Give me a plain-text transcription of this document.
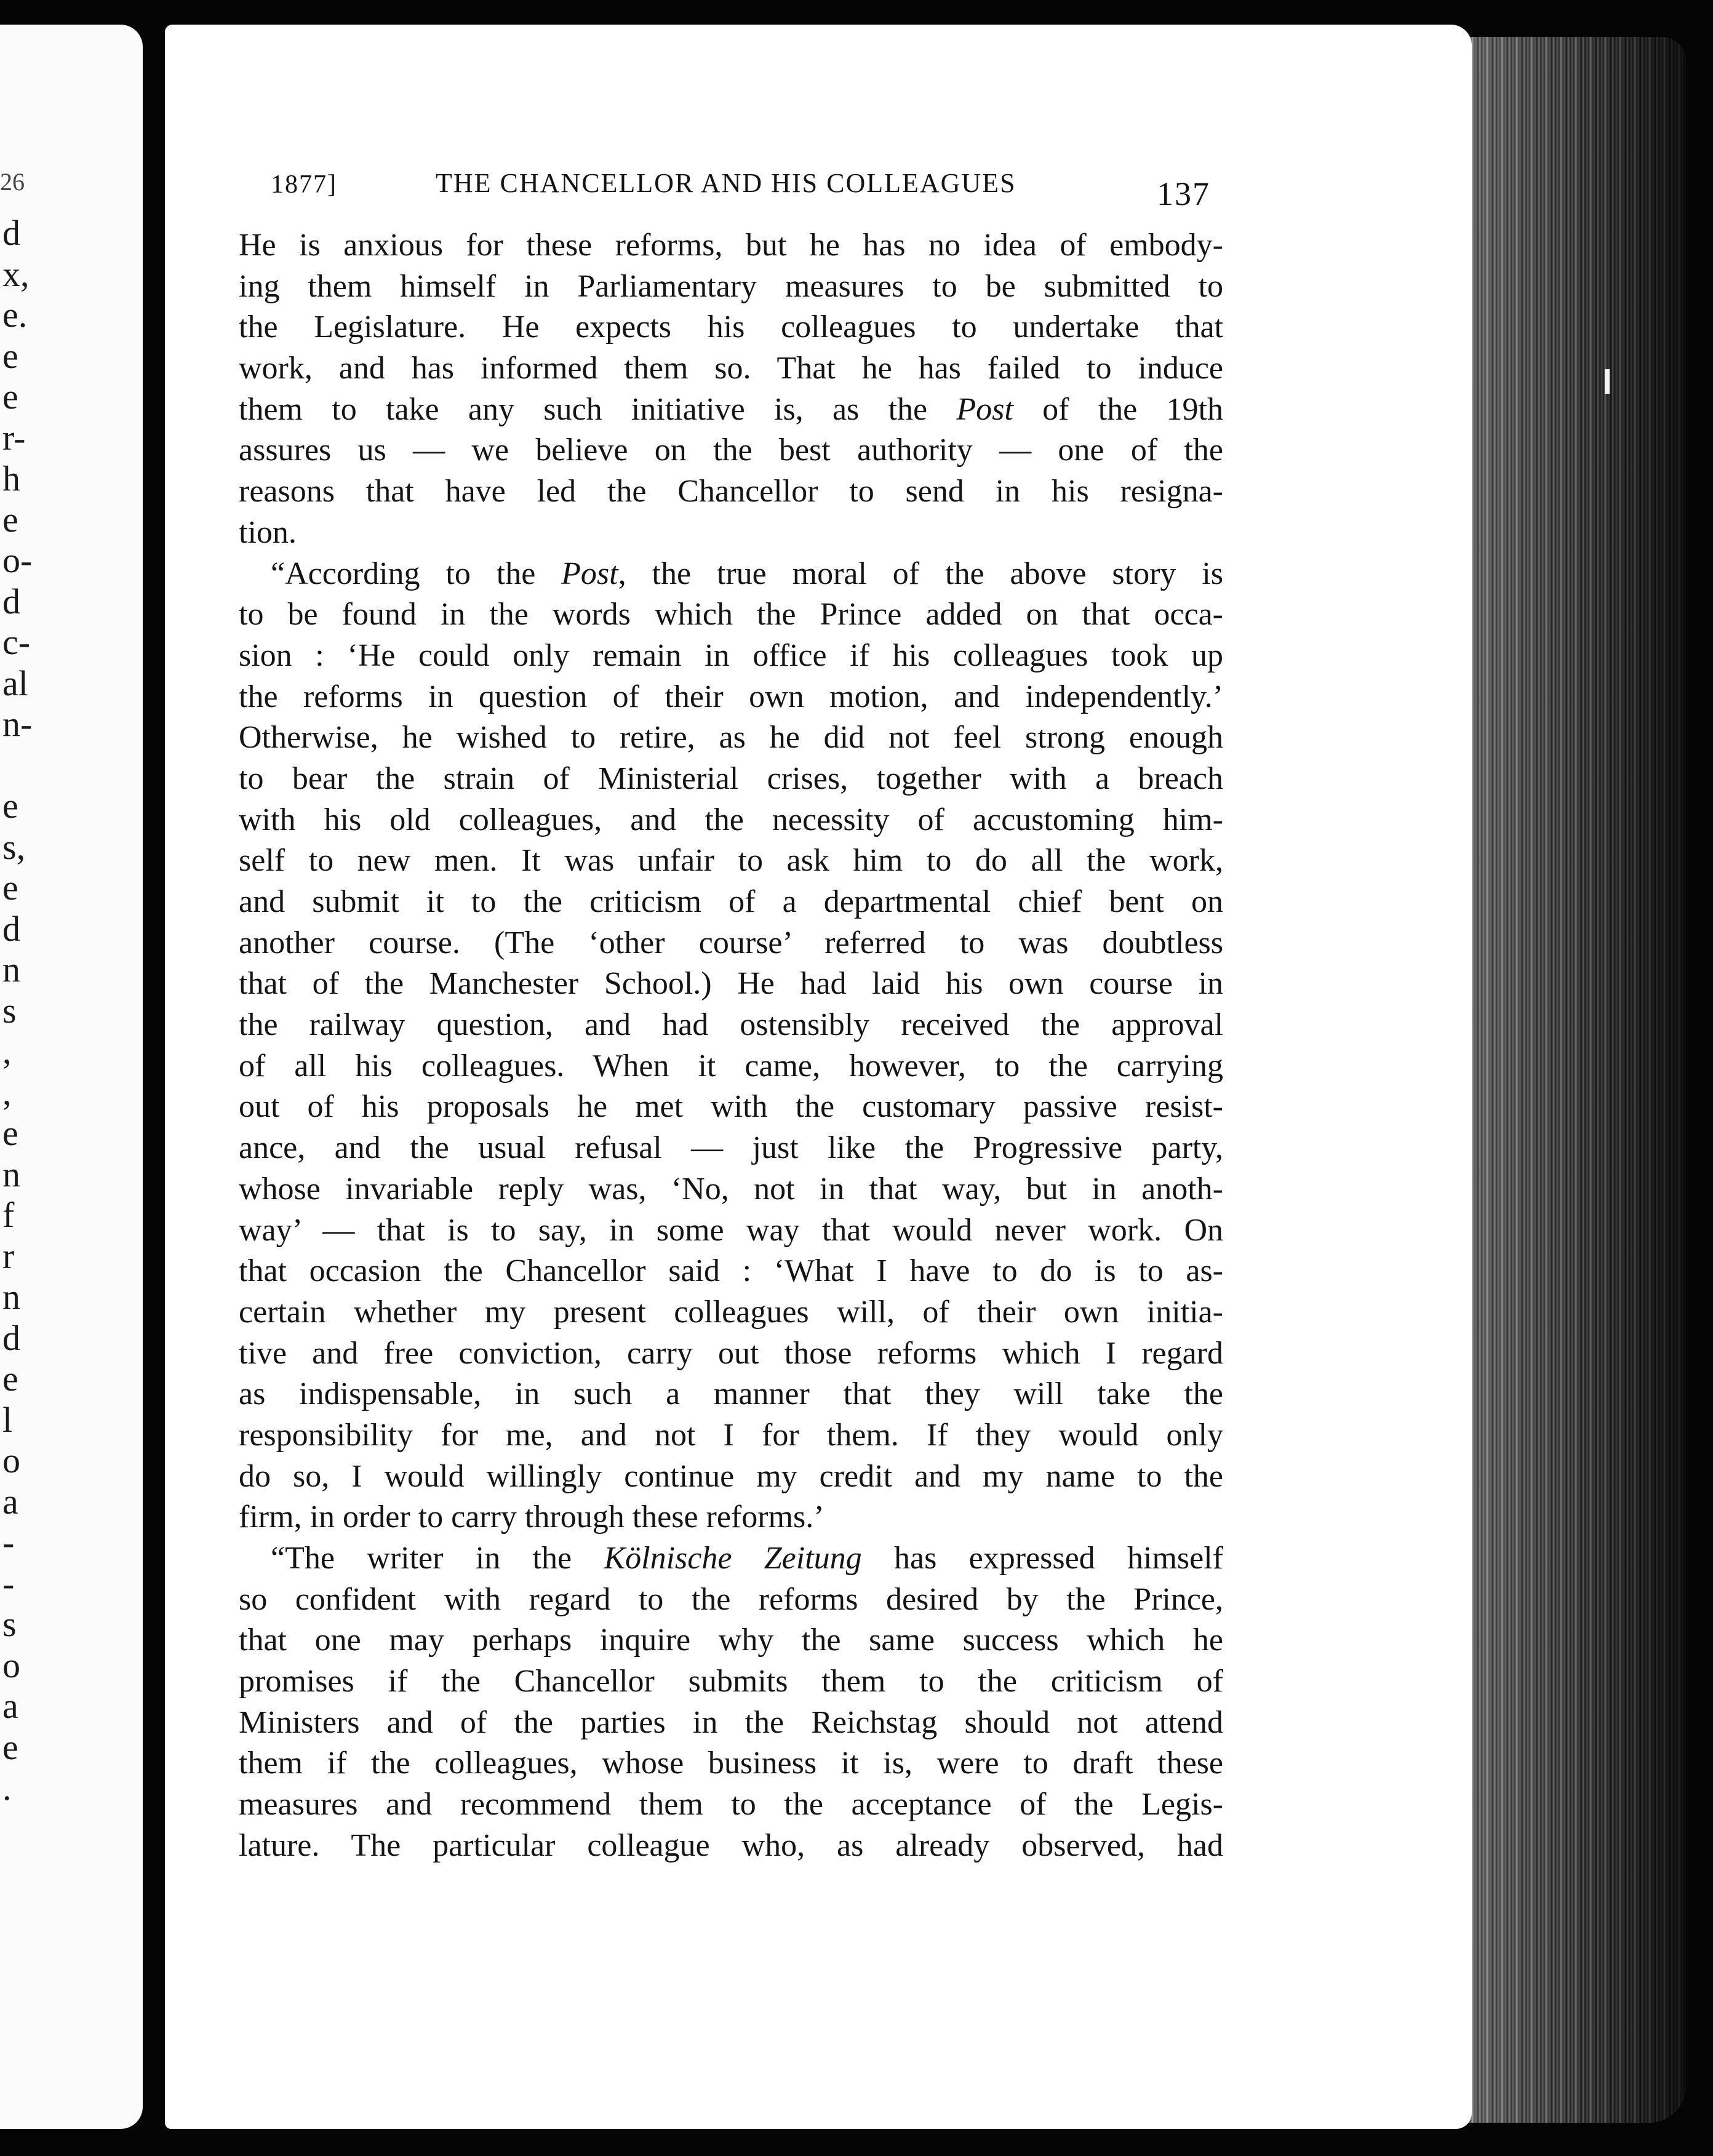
26
d
x,
e.
e
e
r-
h
e
o-
d
c-
al
n-
e
s,
e
d
n
s
,
,
e
n
f
r
n
d
e
l
o
a
-
-
s
o
a
e
.
1877]	THE CHANCELLOR AND HIS COLLEAGUES	137
He is anxious for these reforms, but he has no idea of embody-
ing them himself in Parliamentary measures to be submitted to
the Legislature. He expects his colleagues to undertake that
work, and has informed them so. That he has failed to induce
them to take any such initiative is, as the Post of the 19th
assures us — we believe on the best authority — one of the
reasons that have led the Chancellor to send in his resigna-
tion.
“According to the Post, the true moral of the above story is
to be found in the words which the Prince added on that occa-
sion : ‘He could only remain in office if his colleagues took up
the reforms in question of their own motion, and independently.’
Otherwise, he wished to retire, as he did not feel strong enough
to bear the strain of Ministerial crises, together with a breach
with his old colleagues, and the necessity of accustoming him-
self to new men. It was unfair to ask him to do all the work,
and submit it to the criticism of a departmental chief bent on
another course. (The ‘other course’ referred to was doubtless
that of the Manchester School.) He had laid his own course in
the railway question, and had ostensibly received the approval
of all his colleagues. When it came, however, to the carrying
out of his proposals he met with the customary passive resist-
ance, and the usual refusal — just like the Progressive party,
whose invariable reply was, ‘No, not in that way, but in anoth-
way’ — that is to say, in some way that would never work. On
that occasion the Chancellor said : ‘What I have to do is to as-
certain whether my present colleagues will, of their own initia-
tive and free conviction, carry out those reforms which I regard
as indispensable, in such a manner that they will take the
responsibility for me, and not I for them. If they would only
do so, I would willingly continue my credit and my name to the
firm, in order to carry through these reforms.’
“The writer in the Kölnische Zeitung has expressed himself
so confident with regard to the reforms desired by the Prince,
that one may perhaps inquire why the same success which he
promises if the Chancellor submits them to the criticism of
Ministers and of the parties in the Reichstag should not attend
them if the colleagues, whose business it is, were to draft these
measures and recommend them to the acceptance of the Legis-
lature. The particular colleague who, as already observed, had
